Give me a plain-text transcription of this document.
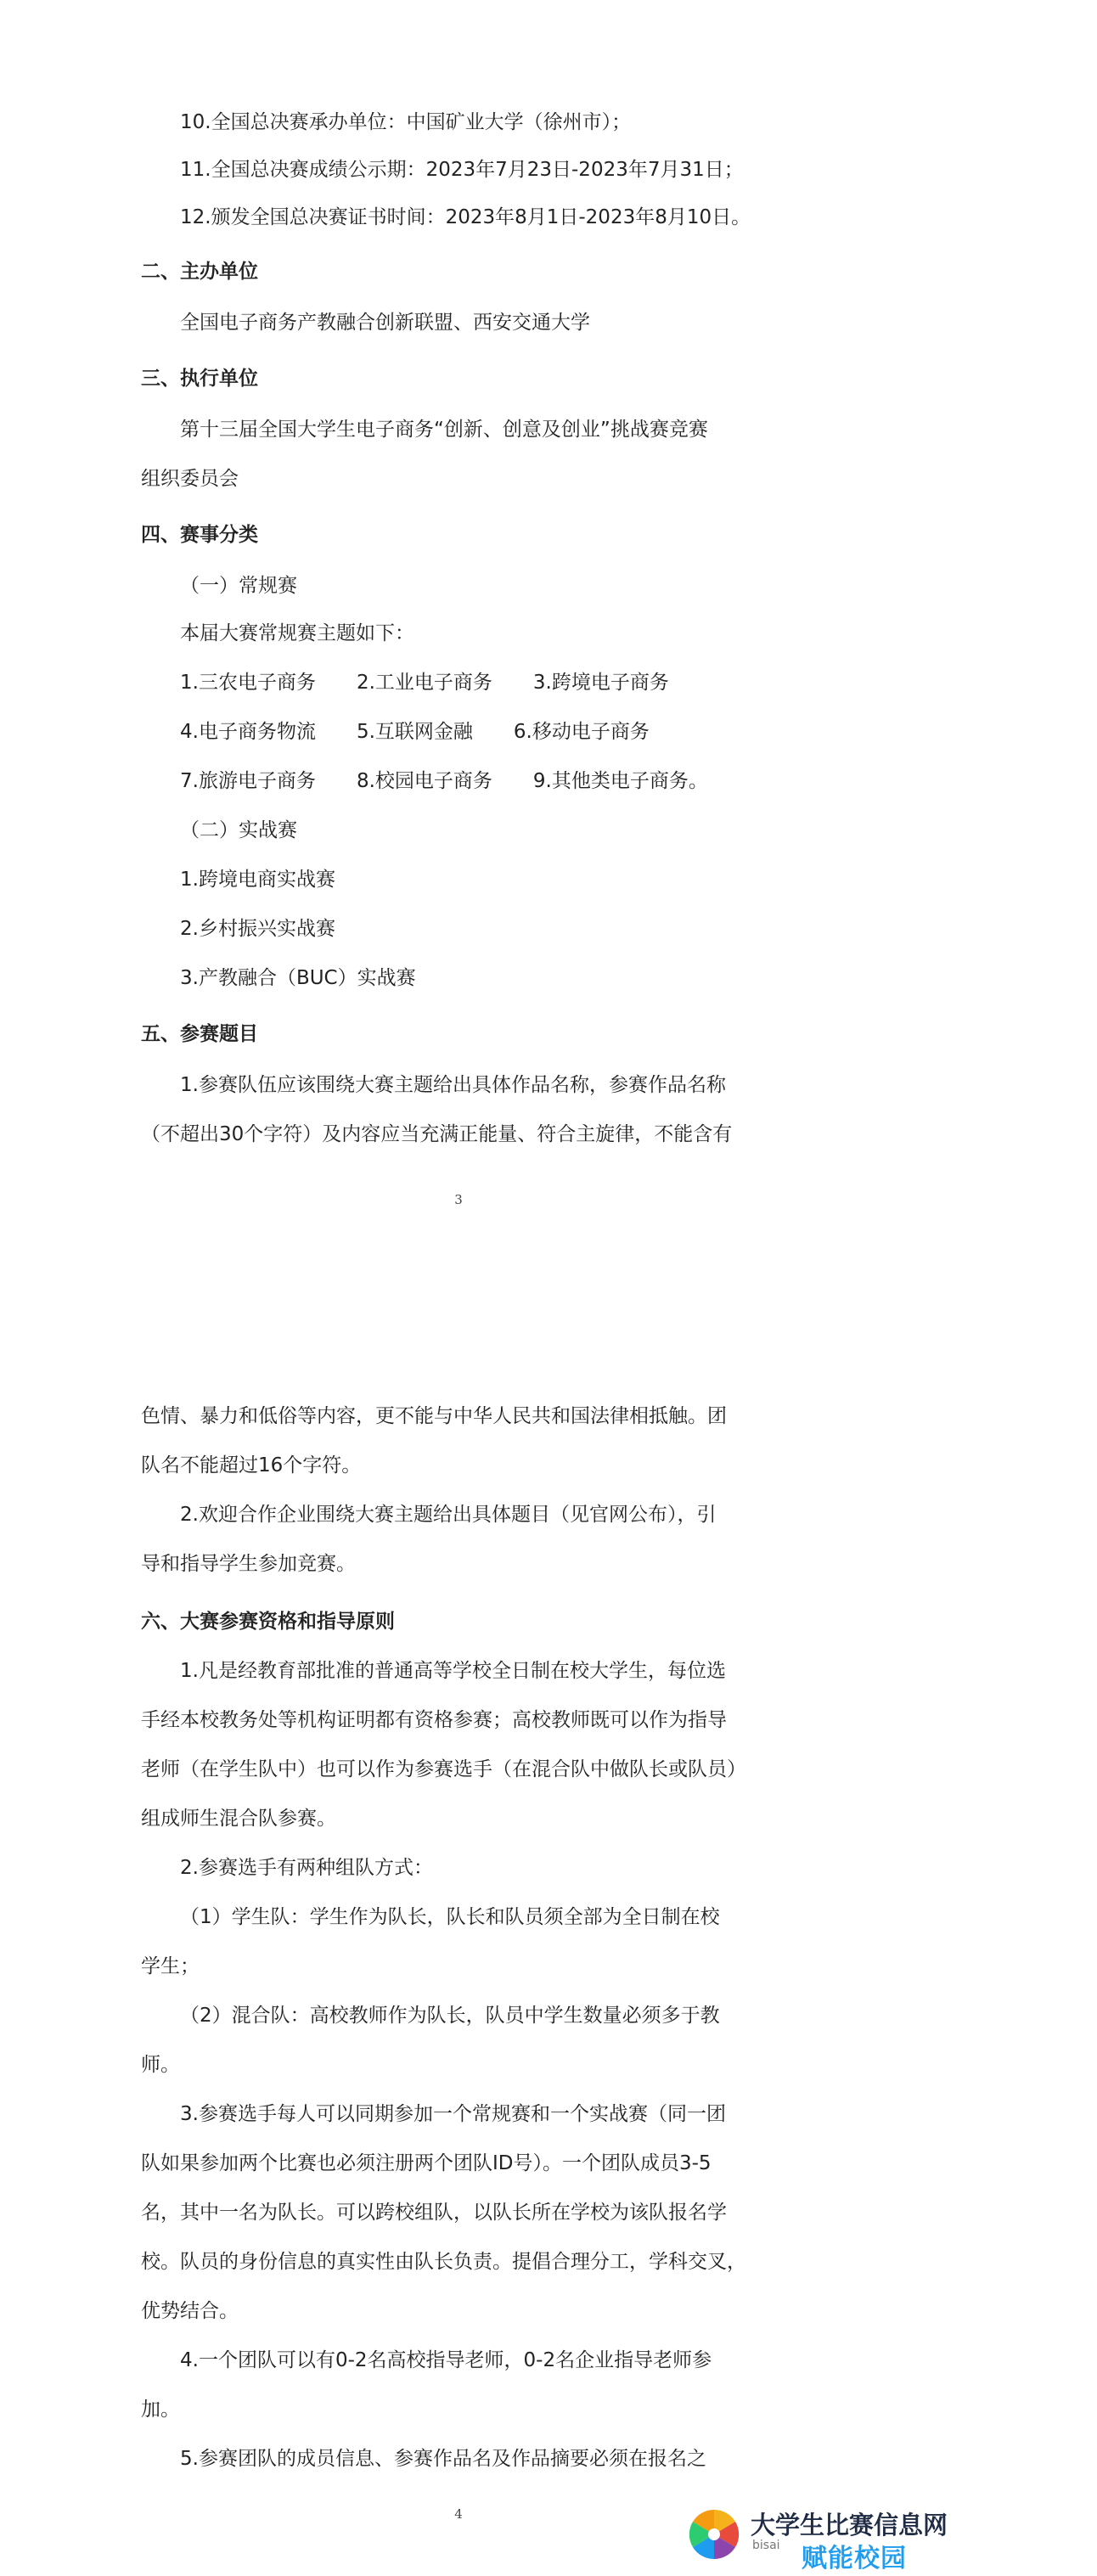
10.全国总决赛承办单位：中国矿业大学（徐州市）；
11.全国总决赛成绩公示期：2023年7月23日-2023年7月31日；
12.颁发全国总决赛证书时间：2023年8月1日-2023年8月10日。
二、主办单位
全国电子商务产教融合创新联盟、西安交通大学
三、执行单位
第十三届全国大学生电子商务“创新、创意及创业”挑战赛竞赛
组织委员会
四、赛事分类
（一）常规赛
本届大赛常规赛主题如下：
1.三农电子商务 2.工业电子商务 3.跨境电子商务
4.电子商务物流 5.互联网金融 6.移动电子商务
7.旅游电子商务 8.校园电子商务 9.其他类电子商务。
（二）实战赛
1.跨境电商实战赛
2.乡村振兴实战赛
3.产教融合（BUC）实战赛
五、参赛题目
1.参赛队伍应该围绕大赛主题给出具体作品名称，参赛作品名称
（不超出30个字符）及内容应当充满正能量、符合主旋律，不能含有
3
色情、暴力和低俗等内容，更不能与中华人民共和国法律相抵触。团
队名不能超过16个字符。
2.欢迎合作企业围绕大赛主题给出具体题目（见官网公布），引
导和指导学生参加竞赛。
六、大赛参赛资格和指导原则
1.凡是经教育部批准的普通高等学校全日制在校大学生，每位选
手经本校教务处等机构证明都有资格参赛；高校教师既可以作为指导
老师（在学生队中）也可以作为参赛选手（在混合队中做队长或队员）
组成师生混合队参赛。
2.参赛选手有两种组队方式：
（1）学生队：学生作为队长，队长和队员须全部为全日制在校
学生；
（2）混合队：高校教师作为队长，队员中学生数量必须多于教
师。
3.参赛选手每人可以同期参加一个常规赛和一个实战赛（同一团
队如果参加两个比赛也必须注册两个团队ID号）。一个团队成员3-5
名，其中一名为队长。可以跨校组队，以队长所在学校为该队报名学
校。队员的身份信息的真实性由队长负责。提倡合理分工，学科交叉，
优势结合。
4.一个团队可以有0-2名高校指导老师，0-2名企业指导老师参
加。
5.参赛团队的成员信息、参赛作品名及作品摘要必须在报名之
4	大学生比赛信息网
bisai 赋能校园
